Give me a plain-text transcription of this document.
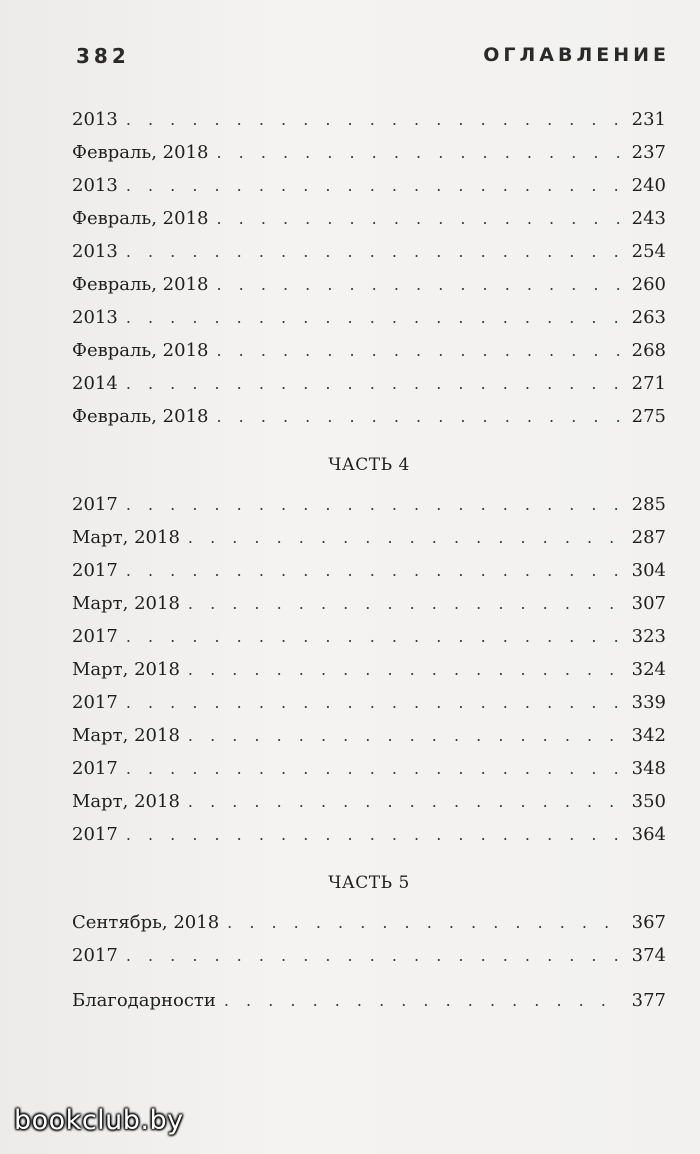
382	ОГЛАВЛЕНИЕ
2013 . . .	231
Февраль, 2018 . . .	237
2013 . . .	240
Февраль, 2018 . . .	243
2013 . . .	254
Февраль, 2018 . . .	260
2013 . . .	263
Февраль, 2018 . . .	268
2014 . . .	271
Февраль, 2018 . . .	275
ЧАСТЬ 4
2017 . . .	285
Март, 2018 . . .	287
2017 . . .	304
Март, 2018 . . .	307
2017 . . .	323
Март, 2018 . . .	324
2017 . . .	339
Март, 2018 . . .	342
2017 . . .	348
Март, 2018 . . .	350
2017 . . .	364
ЧАСТЬ 5
Сентябрь, 2018 . . .	367
2017 . . .	374
Благодарности . . .	377
bookclub.by
